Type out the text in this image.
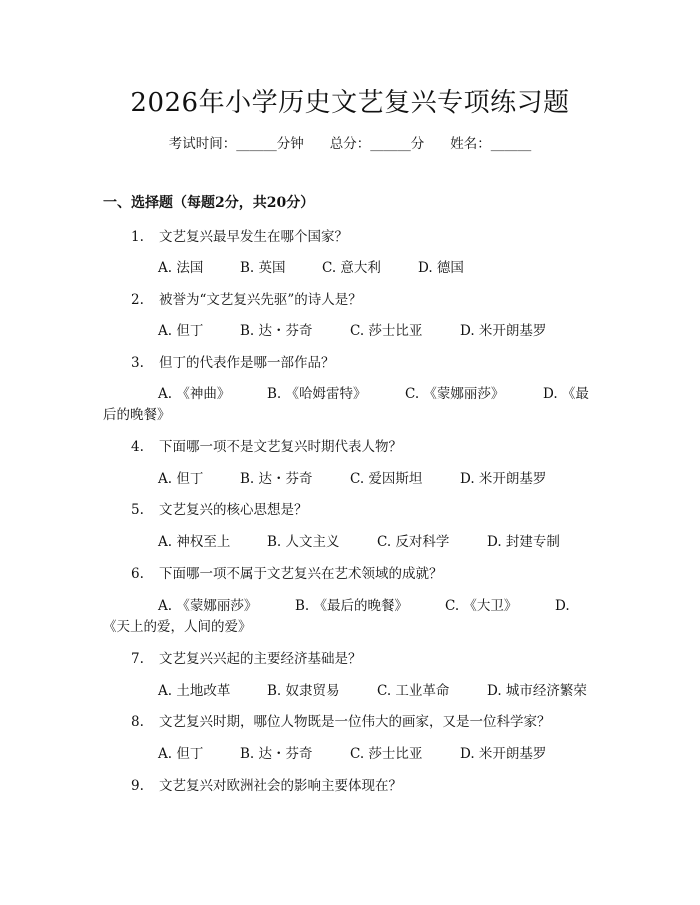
2026年小学历史文艺复兴专项练习题
考试时间：______分钟 总分：______分 姓名：______
一、选择题（每题2分，共20分）
1. 文艺复兴最早发生在哪个国家？
A. 法国	B. 英国	C. 意大利	D. 德国
2. 被誉为“文艺复兴先驱”的诗人是？
A. 但丁	B. 达・芬奇	C. 莎士比亚	D. 米开朗基罗
3. 但丁的代表作是哪一部作品？
A. 《神曲》	B. 《哈姆雷特》	C. 《蒙娜丽莎》	D. 《最
后的晚餐》
4. 下面哪一项不是文艺复兴时期代表人物？
A. 但丁	B. 达・芬奇	C. 爱因斯坦	D. 米开朗基罗
5. 文艺复兴的核心思想是？
A. 神权至上	B. 人文主义	C. 反对科学	D. 封建专制
6. 下面哪一项不属于文艺复兴在艺术领域的成就？
A. 《蒙娜丽莎》	B. 《最后的晚餐》	C. 《大卫》	D.
《天上的爱，人间的爱》
7. 文艺复兴兴起的主要经济基础是？
A. 土地改革	B. 奴隶贸易	C. 工业革命	D. 城市经济繁荣
8. 文艺复兴时期，哪位人物既是一位伟大的画家，又是一位科学家？
A. 但丁	B. 达・芬奇	C. 莎士比亚	D. 米开朗基罗
9. 文艺复兴对欧洲社会的影响主要体现在？
